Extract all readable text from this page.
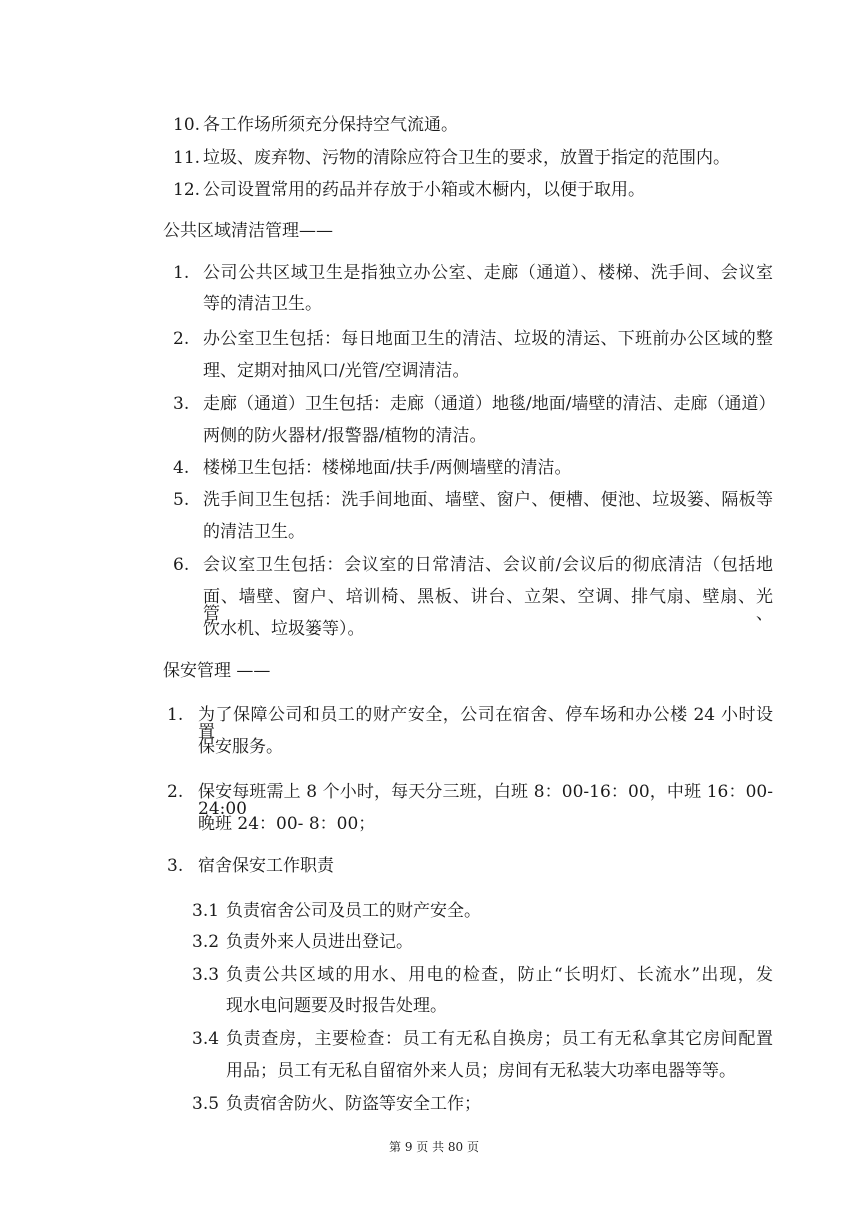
10. 各工作场所须充分保持空气流通。
11. 垃圾、废弃物、污物的清除应符合卫生的要求，放置于指定的范围内。
12. 公司设置常用的药品并存放于小箱或木橱内，以便于取用。
公共区域清洁管理——
1. 公司公共区域卫生是指独立办公室、走廊（通道）、楼梯、洗手间、会议室
等的清洁卫生。
2. 办公室卫生包括：每日地面卫生的清洁、垃圾的清运、下班前办公区域的整
理、定期对抽风口/光管/空调清洁。
3. 走廊（通道）卫生包括：走廊（通道）地毯/地面/墙壁的清洁、走廊（通道）
两侧的防火器材/报警器/植物的清洁。
4. 楼梯卫生包括：楼梯地面/扶手/两侧墙壁的清洁。
5. 洗手间卫生包括：洗手间地面、墙壁、窗户、便槽、便池、垃圾篓、隔板等
的清洁卫生。
6. 会议室卫生包括：会议室的日常清洁、会议前/会议后的彻底清洁（包括地
面、墙壁、窗户、培训椅、黑板、讲台、立架、空调、排气扇、壁扇、光管、
饮水机、垃圾篓等）。
保安管理 ——
1. 为了保障公司和员工的财产安全，公司在宿舍、停车场和办公楼 24 小时设置
保安服务。
2. 保安每班需上 8 个小时，每天分三班，白班 8：00-16：00，中班 16：00-24:00
晚班 24：00- 8：00；
3. 宿舍保安工作职责
3.1 负责宿舍公司及员工的财产安全。
3.2 负责外来人员进出登记。
3.3 负责公共区域的用水、用电的检查，防止“长明灯、长流水”出现，发
现水电问题要及时报告处理。
3.4 负责查房，主要检查：员工有无私自换房；员工有无私拿其它房间配置
用品；员工有无私自留宿外来人员；房间有无私装大功率电器等等。
3.5 负责宿舍防火、防盗等安全工作；
第 9 页 共 80 页
